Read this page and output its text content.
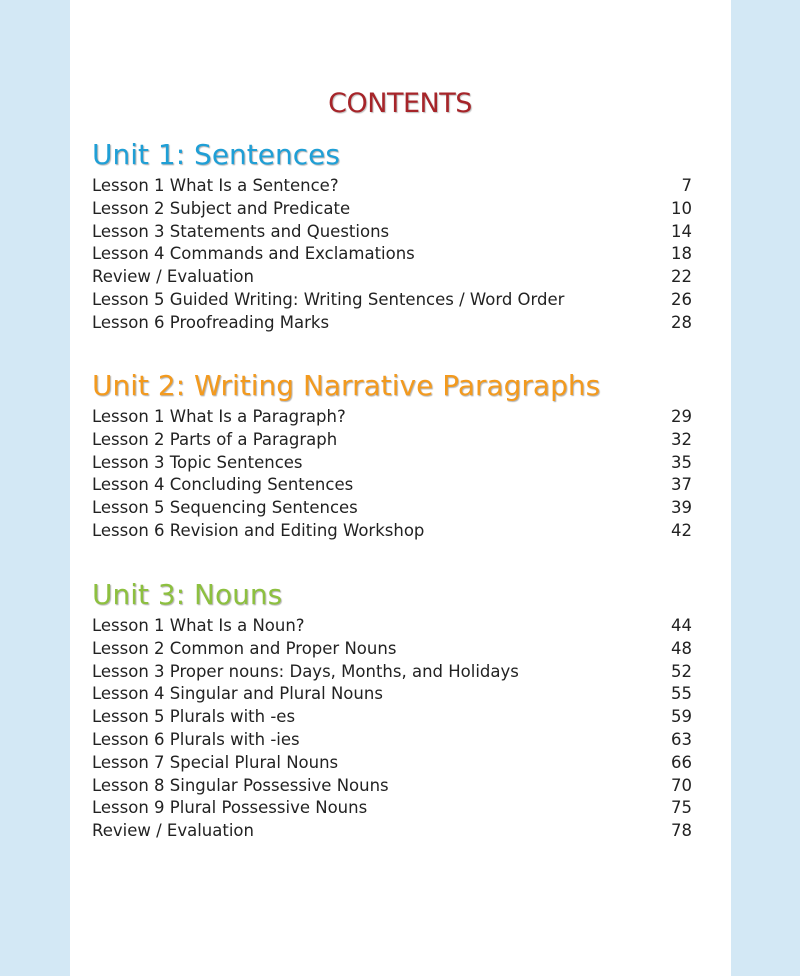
CONTENTS
Unit 1: Sentences
Lesson 1 What Is a Sentence?	7
Lesson 2 Subject and Predicate	10
Lesson 3 Statements and Questions	14
Lesson 4 Commands and Exclamations	18
Review / Evaluation	22
Lesson 5 Guided Writing: Writing Sentences / Word Order	26
Lesson 6 Proofreading Marks	28
Unit 2: Writing Narrative Paragraphs
Lesson 1 What Is a Paragraph?	29
Lesson 2 Parts of a Paragraph	32
Lesson 3 Topic Sentences	35
Lesson 4 Concluding Sentences	37
Lesson 5 Sequencing Sentences	39
Lesson 6 Revision and Editing Workshop	42
Unit 3: Nouns
Lesson 1 What Is a Noun?	44
Lesson 2 Common and Proper Nouns	48
Lesson 3 Proper nouns: Days, Months, and Holidays	52
Lesson 4 Singular and Plural Nouns	55
Lesson 5 Plurals with -es	59
Lesson 6 Plurals with -ies	63
Lesson 7 Special Plural Nouns	66
Lesson 8 Singular Possessive Nouns	70
Lesson 9 Plural Possessive Nouns	75
Review / Evaluation	78
